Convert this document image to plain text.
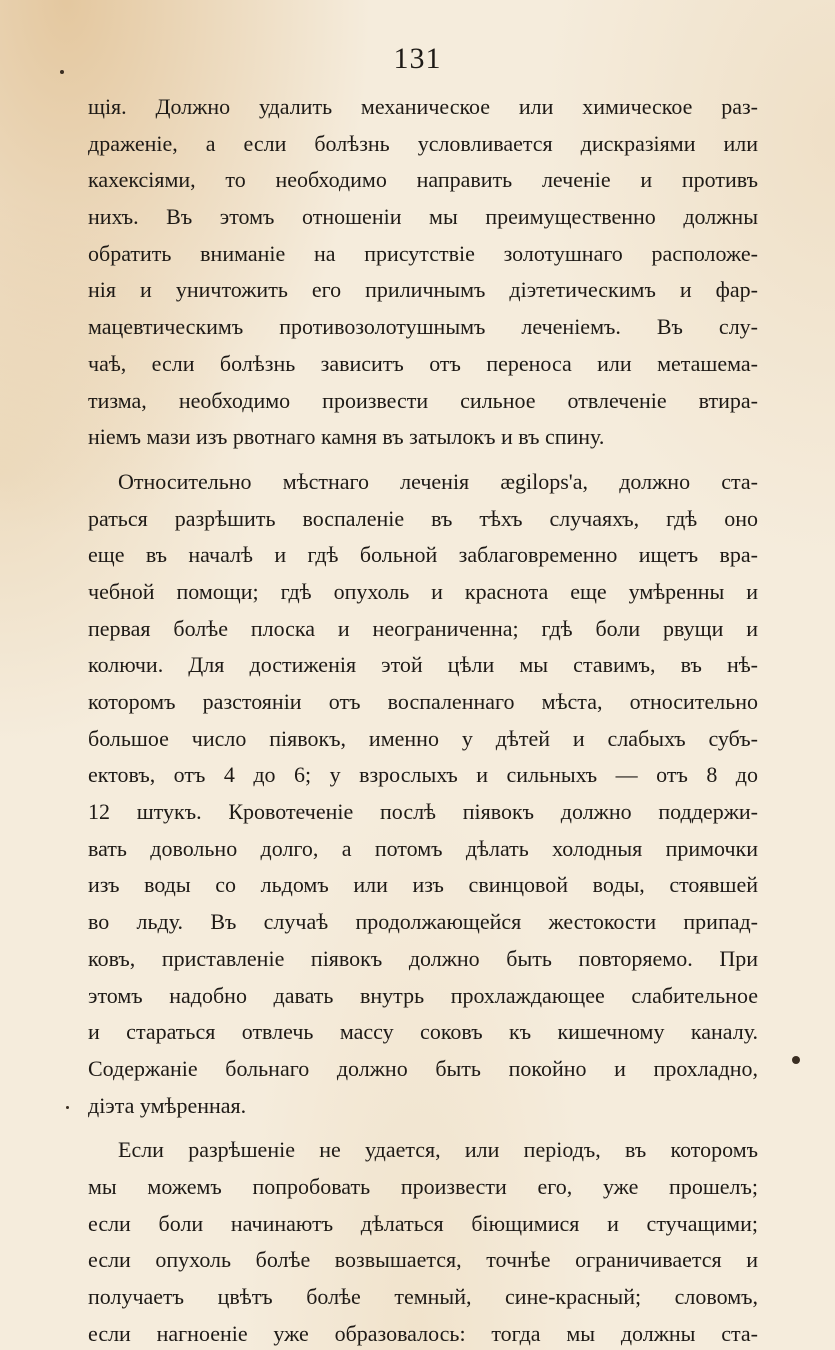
131
щія. Должно удалить механическое или химическое раз-
драженіе, а если болѣзнь условливается дискразіями или
кахексіями, то необходимо направить леченіе и противъ
нихъ. Въ этомъ отношеніи мы преимущественно должны
обратить вниманіе на присутствіе золотушнаго расположе-
нія и уничтожить его приличнымъ діэтетическимъ и фар-
мацевтическимъ противозолотушнымъ леченіемъ. Въ слу-
чаѣ, если болѣзнь зависитъ отъ переноса или меташема-
тизма, необходимо произвести сильное отвлеченіе втира-
ніемъ мази изъ рвотнаго камня въ затылокъ и въ спину.
Относительно мѣстнаго леченія ægilops'а, должно ста-
раться разрѣшить воспаленіе въ тѣхъ случаяхъ, гдѣ оно
еще въ началѣ и гдѣ больной заблаговременно ищетъ вра-
чебной помощи; гдѣ опухоль и краснота еще умѣренны и
первая болѣе плоска и неограниченна; гдѣ боли рвущи и
колючи. Для достиженія этой цѣли мы ставимъ, въ нѣ-
которомъ разстояніи отъ воспаленнаго мѣста, относительно
большое число піявокъ, именно у дѣтей и слабыхъ субъ-
ектовъ, отъ 4 до 6; у взрослыхъ и сильныхъ — отъ 8 до
12 штукъ. Кровотеченіе послѣ піявокъ должно поддержи-
вать довольно долго, а потомъ дѣлать холодныя примочки
изъ воды со льдомъ или изъ свинцовой воды, стоявшей
во льду. Въ случаѣ продолжающейся жестокости припад-
ковъ, приставленіе піявокъ должно быть повторяемо. При
этомъ надобно давать внутрь прохлаждающее слабительное
и стараться отвлечь массу соковъ къ кишечному каналу.
Содержаніе больнаго должно быть покойно и прохладно,
діэта умѣренная.
Если разрѣшеніе не удается, или періодъ, въ которомъ
мы можемъ попробовать произвести его, уже прошелъ;
если боли начинаютъ дѣлаться біющимися и стучащими;
если опухоль болѣе возвышается, точнѣе ограничивается и
получаетъ цвѣтъ болѣе темный, сине-красный; словомъ,
если нагноеніе уже образовалось: тогда мы должны ста-
